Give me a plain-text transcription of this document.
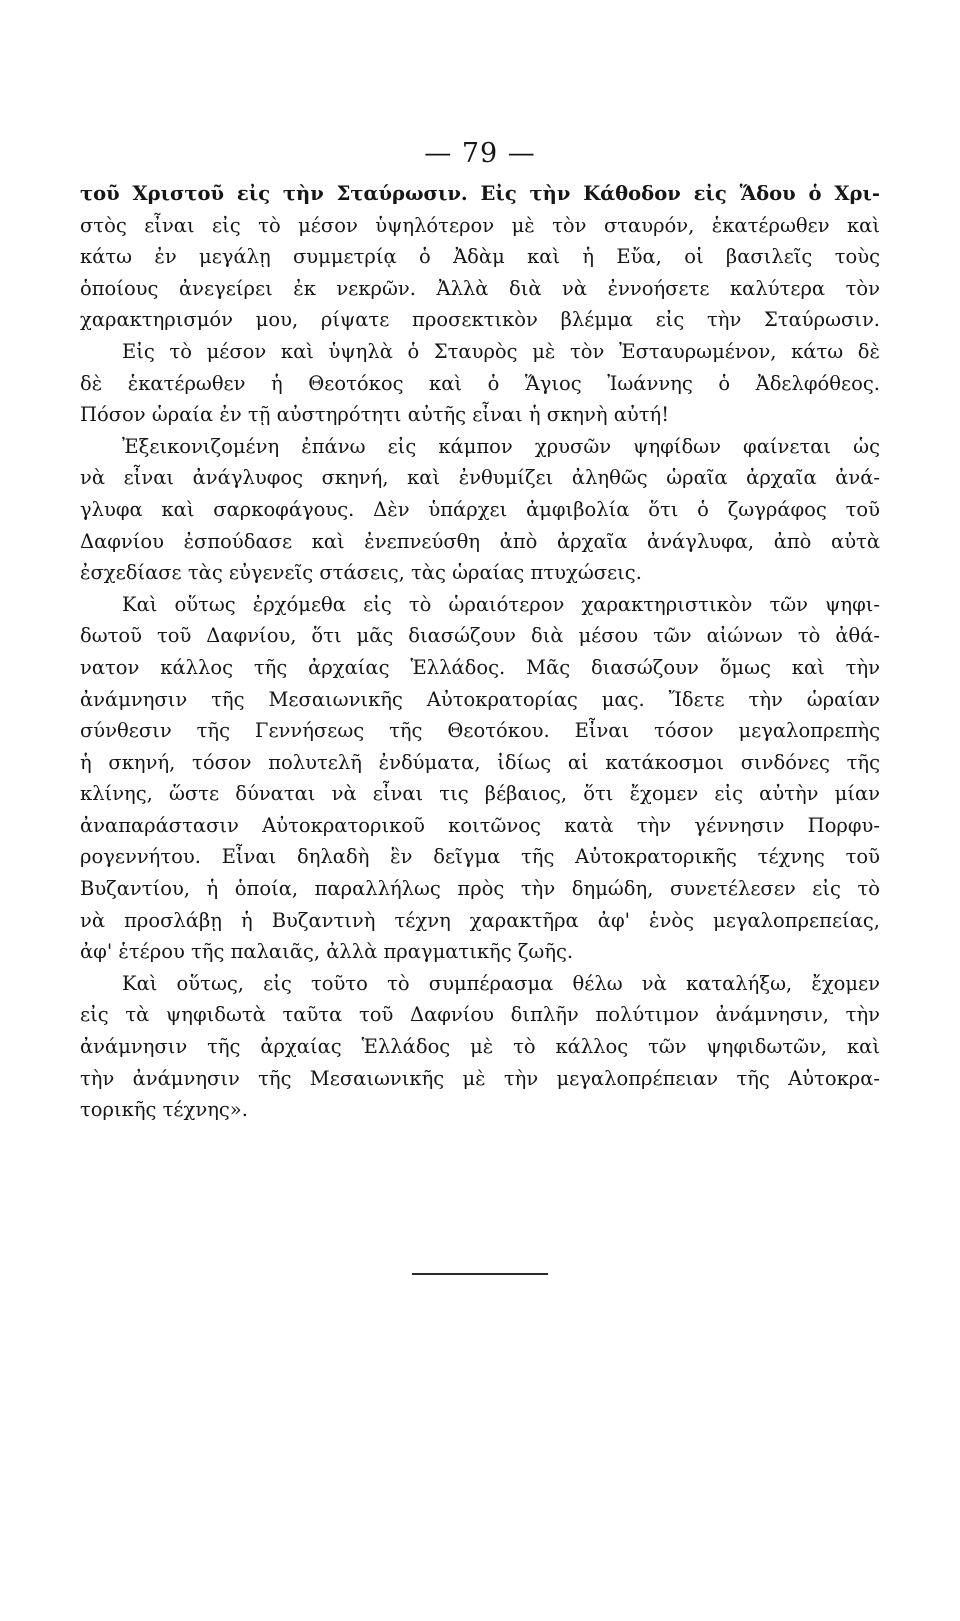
— 79 —
τοῦ Χριστοῦ εἰς τὴν Σταύρωσιν. Εἰς τὴν Κάθοδον εἰς Ἅδου ὁ Χρι-
στὸς εἶναι εἰς τὸ μέσον ὑψηλότερον μὲ τὸν σταυρόν, ἑκατέρωθεν καὶ
κάτω ἐν μεγάλῃ συμμετρίᾳ ὁ Ἀδὰμ καὶ ἡ Εὔα, οἱ βασιλεῖς τοὺς
ὁποίους ἀνεγείρει ἐκ νεκρῶν. Ἀλλὰ διὰ νὰ ἐννοήσετε καλύτερα τὸν
χαρακτηρισμόν μου, ρίψατε προσεκτικὸν βλέμμα εἰς τὴν Σταύρωσιν.
Εἰς τὸ μέσον καὶ ὑψηλὰ ὁ Σταυρὸς μὲ τὸν Ἐσταυρωμένον, κάτω δὲ
δὲ ἑκατέρωθεν ἡ Θεοτόκος καὶ ὁ Ἅγιος Ἰωάννης ὁ Ἀδελφόθεος.
Πόσον ὡραία ἐν τῇ αὐστηρότητι αὐτῆς εἶναι ἡ σκηνὴ αὐτή!
Ἐξεικονιζομένη ἐπάνω εἰς κάμπον χρυσῶν ψηφίδων φαίνεται ὡς
νὰ εἶναι ἀνάγλυφος σκηνή, καὶ ἐνθυμίζει ἀληθῶς ὡραῖα ἀρχαῖα ἀνά-
γλυφα καὶ σαρκοφάγους. Δὲν ὑπάρχει ἀμφιβολία ὅτι ὁ ζωγράφος τοῦ
Δαφνίου ἐσπούδασε καὶ ἐνεπνεύσθη ἀπὸ ἀρχαῖα ἀνάγλυφα, ἀπὸ αὐτὰ
ἐσχεδίασε τὰς εὐγενεῖς στάσεις, τὰς ὡραίας πτυχώσεις.
Καὶ οὕτως ἐρχόμεθα εἰς τὸ ὡραιότερον χαρακτηριστικὸν τῶν ψηφι-
δωτοῦ τοῦ Δαφνίου, ὅτι μᾶς διασώζουν διὰ μέσου τῶν αἰώνων τὸ ἀθά-
νατον κάλλος τῆς ἀρχαίας Ἑλλάδος. Μᾶς διασώζουν ὅμως καὶ τὴν
ἀνάμνησιν τῆς Μεσαιωνικῆς Αὐτοκρατορίας μας. Ἴδετε τὴν ὡραίαν
σύνθεσιν τῆς Γεννήσεως τῆς Θεοτόκου. Εἶναι τόσον μεγαλοπρεπὴς
ἡ σκηνή, τόσον πολυτελῆ ἐνδύματα, ἰδίως αἱ κατάκοσμοι σινδόνες τῆς
κλίνης, ὥστε δύναται νὰ εἶναι τις βέβαιος, ὅτι ἔχομεν εἰς αὐτὴν μίαν
ἀναπαράστασιν Αὐτοκρατορικοῦ κοιτῶνος κατὰ τὴν γέννησιν Πορφυ-
ρογεννήτου. Εἶναι δηλαδὴ ἓν δεῖγμα τῆς Αὐτοκρατορικῆς τέχνης τοῦ
Βυζαντίου, ἡ ὁποία, παραλλήλως πρὸς τὴν δημώδη, συνετέλεσεν εἰς τὸ
νὰ προσλάβῃ ἡ Βυζαντινὴ τέχνη χαρακτῆρα ἀφ' ἑνὸς μεγαλοπρεπείας,
ἀφ' ἑτέρου τῆς παλαιᾶς, ἀλλὰ πραγματικῆς ζωῆς.
Καὶ οὕτως, εἰς τοῦτο τὸ συμπέρασμα θέλω νὰ καταλήξω, ἔχομεν
εἰς τὰ ψηφιδωτὰ ταῦτα τοῦ Δαφνίου διπλῆν πολύτιμον ἀνάμνησιν, τὴν
ἀνάμνησιν τῆς ἀρχαίας Ἑλλάδος μὲ τὸ κάλλος τῶν ψηφιδωτῶν, καὶ
τὴν ἀνάμνησιν τῆς Μεσαιωνικῆς μὲ τὴν μεγαλοπρέπειαν τῆς Αὐτοκρα-
τορικῆς τέχνης».
